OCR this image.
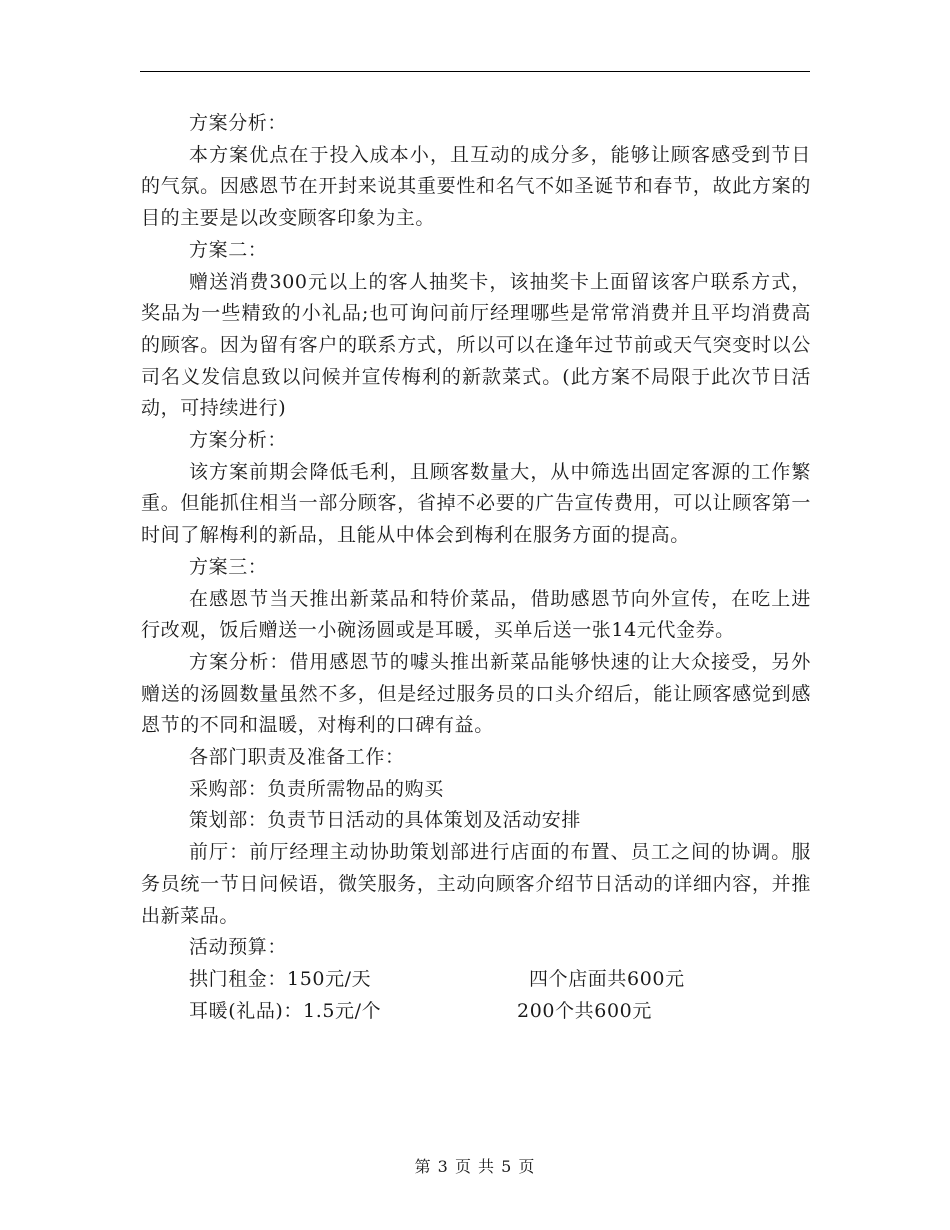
方案分析：

本方案优点在于投入成本小，且互动的成分多，能够让顾客感受到节日的气氛。因感恩节在开封来说其重要性和名气不如圣诞节和春节，故此方案的目的主要是以改变顾客印象为主。

方案二：

赠送消费300元以上的客人抽奖卡，该抽奖卡上面留该客户联系方式，奖品为一些精致的小礼品;也可询问前厅经理哪些是常常消费并且平均消费高的顾客。因为留有客户的联系方式，所以可以在逢年过节前或天气突变时以公司名义发信息致以问候并宣传梅利的新款菜式。(此方案不局限于此次节日活动，可持续进行)

方案分析：

该方案前期会降低毛利，且顾客数量大，从中筛选出固定客源的工作繁重。但能抓住相当一部分顾客，省掉不必要的广告宣传费用，可以让顾客第一时间了解梅利的新品，且能从中体会到梅利在服务方面的提高。

方案三：

在感恩节当天推出新菜品和特价菜品，借助感恩节向外宣传，在吃上进行改观，饭后赠送一小碗汤圆或是耳暖，买单后送一张14元代金券。

方案分析：借用感恩节的噱头推出新菜品能够快速的让大众接受，另外赠送的汤圆数量虽然不多，但是经过服务员的口头介绍后，能让顾客感觉到感恩节的不同和温暖，对梅利的口碑有益。

各部门职责及准备工作：

采购部：负责所需物品的购买

策划部：负责节日活动的具体策划及活动安排

前厅：前厅经理主动协助策划部进行店面的布置、员工之间的协调。服务员统一节日问候语，微笑服务，主动向顾客介绍节日活动的详细内容，并推出新菜品。

活动预算：

拱门租金：150元/天	四个店面共600元
耳暖(礼品)：1.5元/个	200个共600元
第 3 页 共 5 页
